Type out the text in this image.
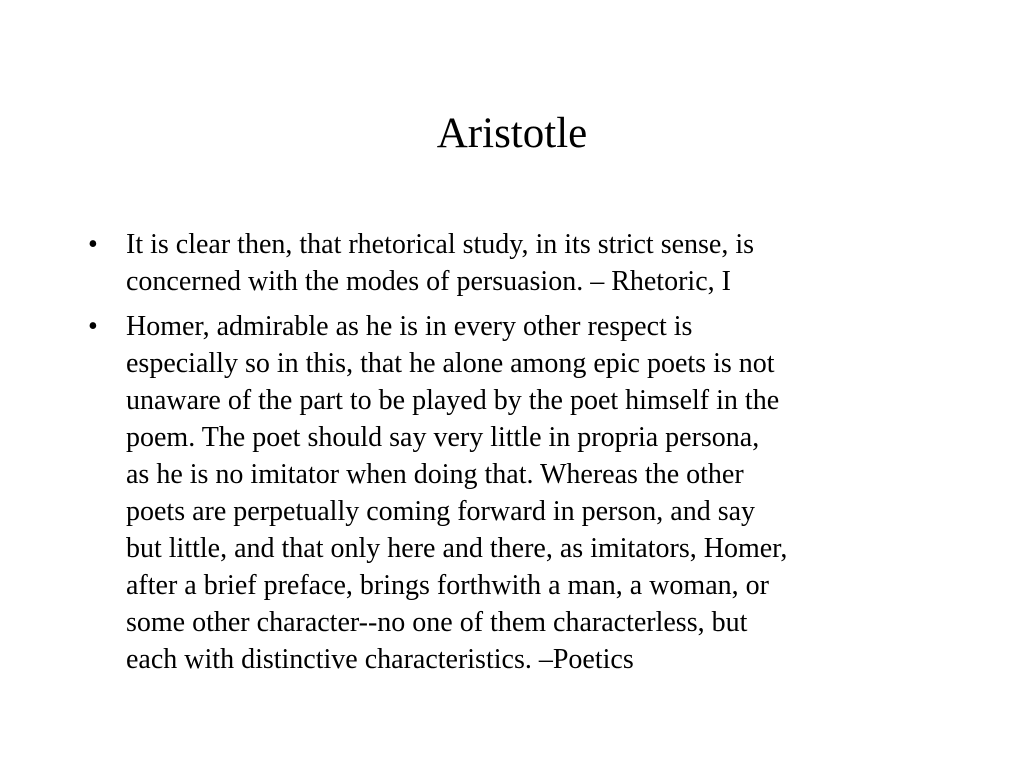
Aristotle
•	It is clear then, that rhetorical study, in its strict sense, is
concerned with the modes of persuasion. – Rhetoric, I
•	Homer, admirable as he is in every other respect is
especially so in this, that he alone among epic poets is not
unaware of the part to be played by the poet himself in the
poem. The poet should say very little in propria persona,
as he is no imitator when doing that. Whereas the other
poets are perpetually coming forward in person, and say
but little, and that only here and there, as imitators, Homer,
after a brief preface, brings forthwith a man, a woman, or
some other character--no one of them characterless, but
each with distinctive characteristics. –Poetics
